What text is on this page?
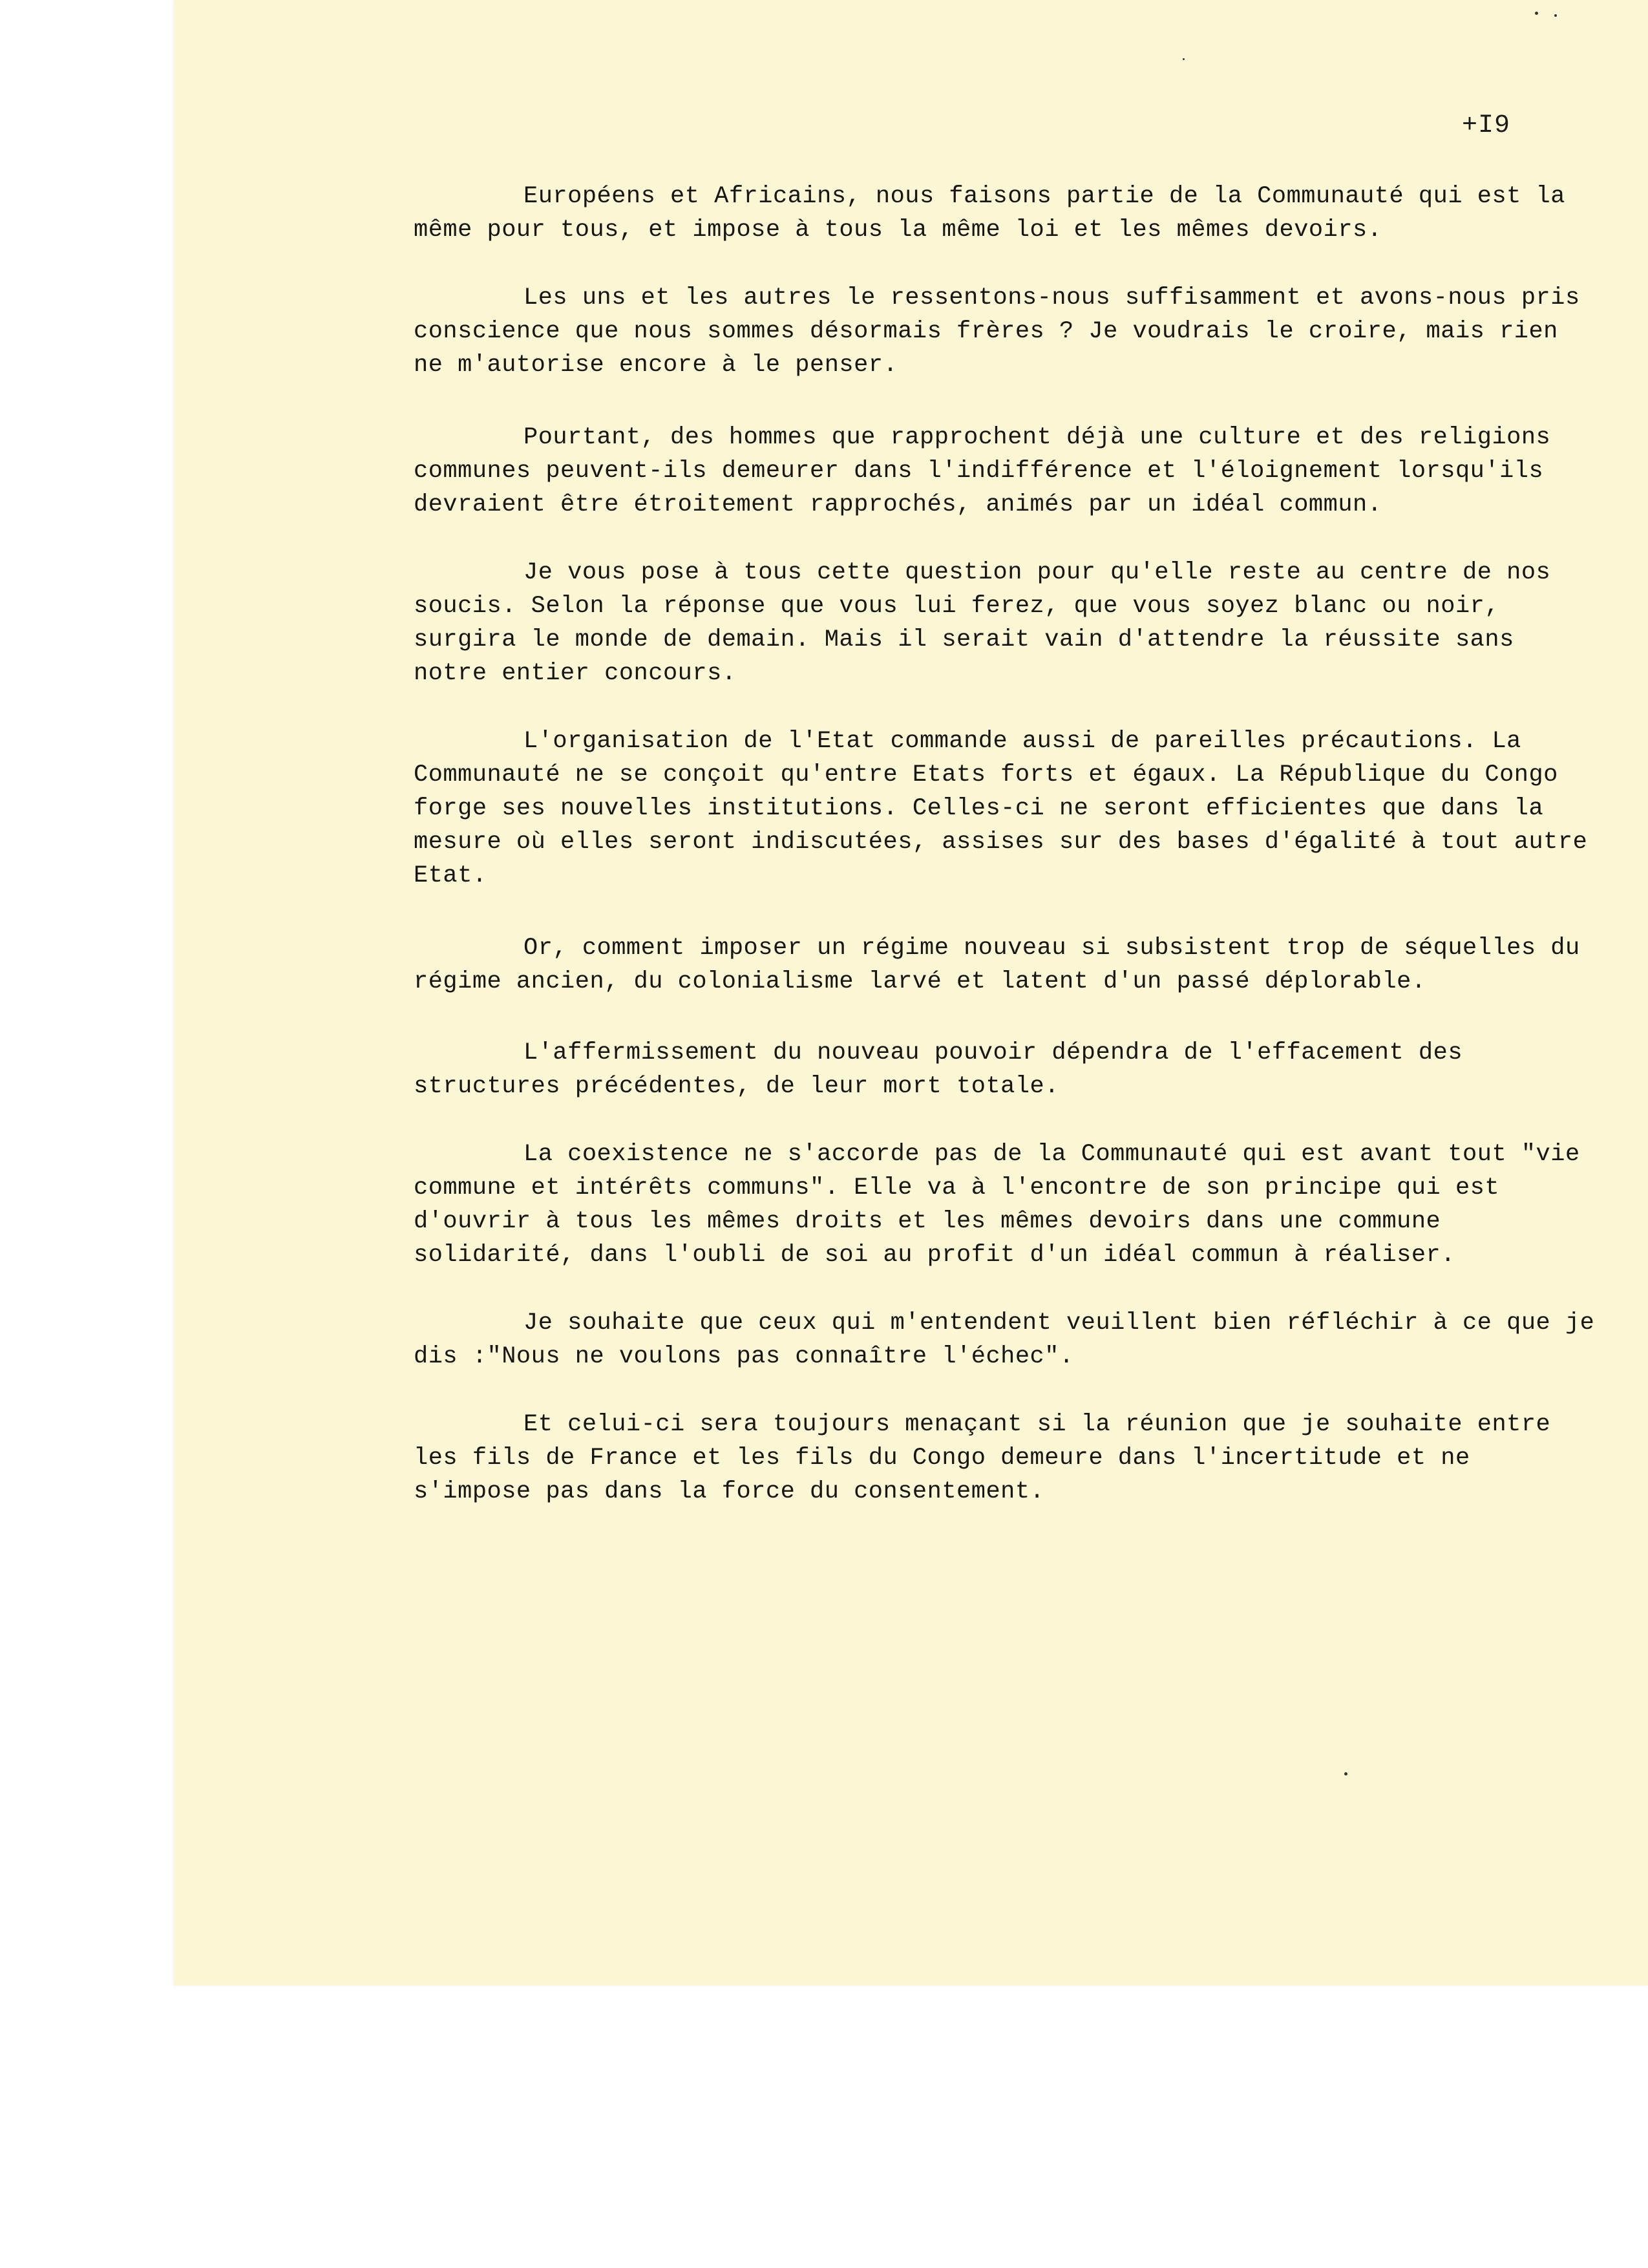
+I9

Européens et Africains, nous faisons partie de la Communauté qui est la même pour tous, et impose à tous la même loi et les mêmes devoirs.

Les uns et les autres le ressentons-nous suffisamment et avons-nous pris conscience que nous sommes désormais frères ? Je voudrais le croire, mais rien ne m'autorise encore à le penser.

Pourtant, des hommes que rapprochent déjà une culture et des religions communes peuvent-ils demeurer dans l'indifférence et l'éloignement lorsqu'ils devraient être étroitement rapprochés, animés par un idéal commun.

Je vous pose à tous cette question pour qu'elle reste au centre de nos soucis. Selon la réponse que vous lui ferez, que vous soyez blanc ou noir, surgira le monde de demain. Mais il serait vain d'attendre la réussite sans notre entier concours.

L'organisation de l'Etat commande aussi de pareilles précautions. La Communauté ne se conçoit qu'entre Etats forts et égaux. La République du Congo forge ses nouvelles institutions. Celles-ci ne seront efficientes que dans la mesure où elles seront indiscutées, assises sur des bases d'égalité à tout autre Etat.

Or, comment imposer un régime nouveau si subsistent trop de séquelles du régime ancien, du colonialisme larvé et latent d'un passé déplorable.

L'affermissement du nouveau pouvoir dépendra de l'effacement des structures précédentes, de leur mort totale.

La coexistence ne s'accorde pas de la Communauté qui est avant tout "vie commune et intérêts communs". Elle va à l'encontre de son principe qui est d'ouvrir à tous les mêmes droits et les mêmes devoirs dans une commune solidarité, dans l'oubli de soi au profit d'un idéal commun à réaliser.

Je souhaite que ceux qui m'entendent veuillent bien réfléchir à ce que je dis :"Nous ne voulons pas connaître l'échec".

Et celui-ci sera toujours menaçant si la réunion que je souhaite entre les fils de France et les fils du Congo demeure dans l'incertitude et ne s'impose pas dans la force du consentement.
